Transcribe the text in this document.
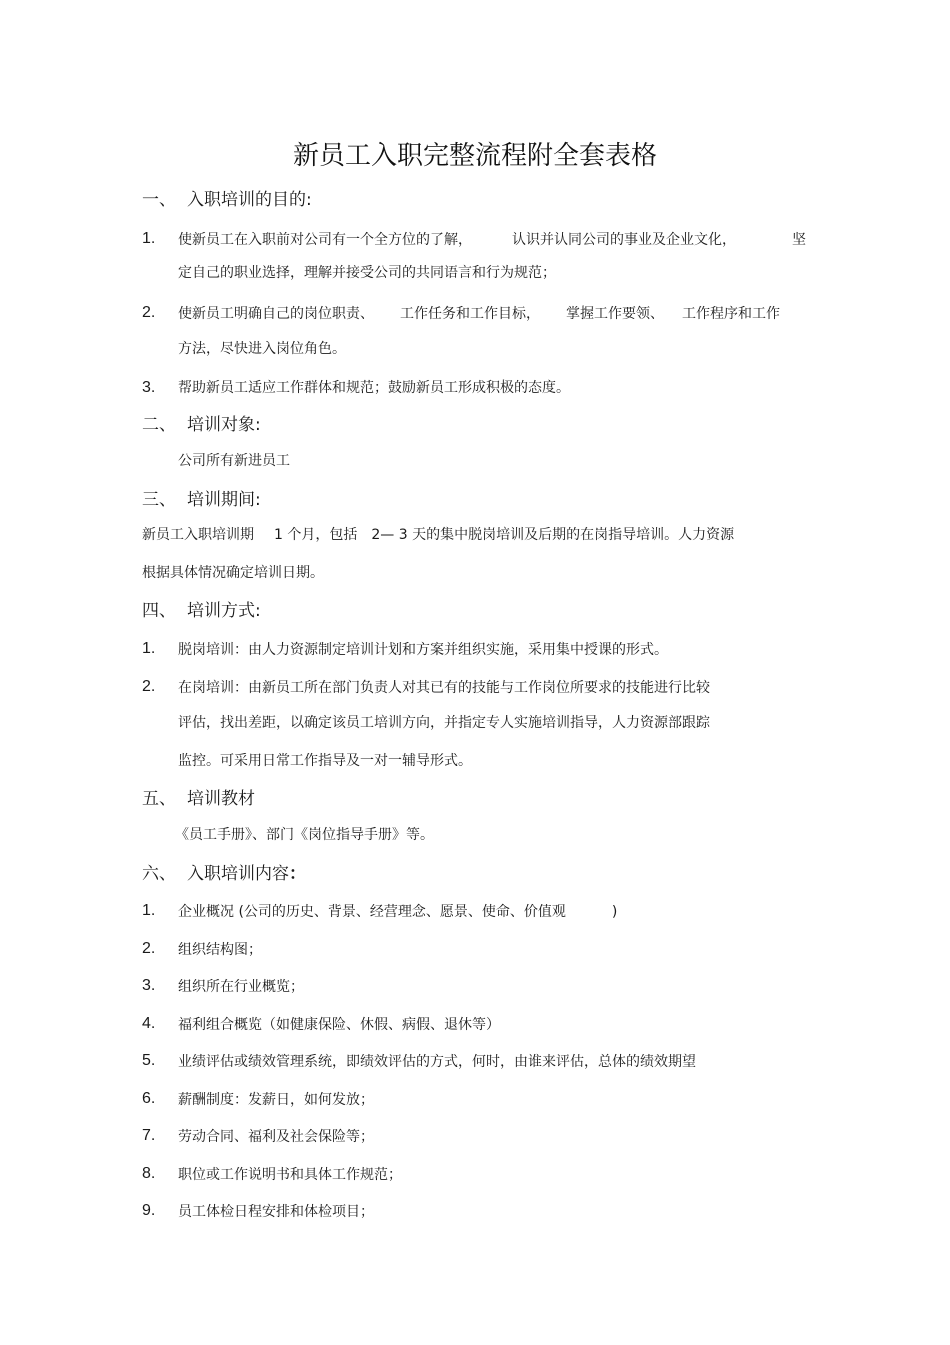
新员工入职完整流程附全套表格
一、 入职培训的目的:
1. 使新员工在入职前对公司有一个全方位的了解，	认识并认同公司的事业及企业文化，	坚
定自己的职业选择，理解并接受公司的共同语言和行为规范；
2. 使新员工明确自己的岗位职责、 工作任务和工作目标， 掌握工作要领、 工作程序和工作
方法，尽快进入岗位角色。
3. 帮助新员工适应工作群体和规范；鼓励新员工形成积极的态度。
二、 培训对象:
公司所有新进员工
三、 培训期间:
新员工入职培训期 1 个月，包括 2— 3 天的集中脱岗培训及后期的在岗指导培训。人力资源
根据具体情况确定培训日期。
四、 培训方式:
1. 脱岗培训：由人力资源制定培训计划和方案并组织实施，采用集中授课的形式。
2. 在岗培训：由新员工所在部门负责人对其已有的技能与工作岗位所要求的技能进行比较
评估，找出差距，以确定该员工培训方向，并指定专人实施培训指导，人力资源部跟踪
监控。可采用日常工作指导及一对一辅导形式。
五、 培训教材
《员工手册》、部门《岗位指导手册》等。
六、 入职培训内容：
1. 企业概况 (公司的历史、背景、经营理念、愿景、使命、价值观	)
2. 组织结构图；
3. 组织所在行业概览；
4. 福利组合概览（如健康保险、休假、病假、退休等）
5. 业绩评估或绩效管理系统，即绩效评估的方式，何时，由谁来评估，总体的绩效期望
6. 薪酬制度：发薪日，如何发放；
7. 劳动合同、福利及社会保险等；
8. 职位或工作说明书和具体工作规范；
9. 员工体检日程安排和体检项目；
